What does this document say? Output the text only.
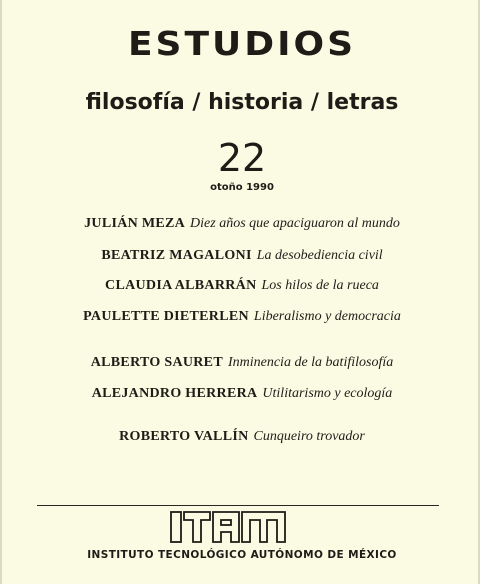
ESTUDIOS
filosofía / historia / letras
22
otoño 1990
JULIÁN MEZA Diez años que apaciguaron al mundo
BEATRIZ MAGALONI La desobediencia civil
CLAUDIA ALBARRÁN Los hilos de la rueca
PAULETTE DIETERLEN Liberalismo y democracia
ALBERTO SAURET Inminencia de la batifilosofía
ALEJANDRO HERRERA Utilitarismo y ecología
ROBERTO VALLÍN Cunqueiro trovador
INSTITUTO TECNOLÓGICO AUTÓNOMO DE MÉXICO
